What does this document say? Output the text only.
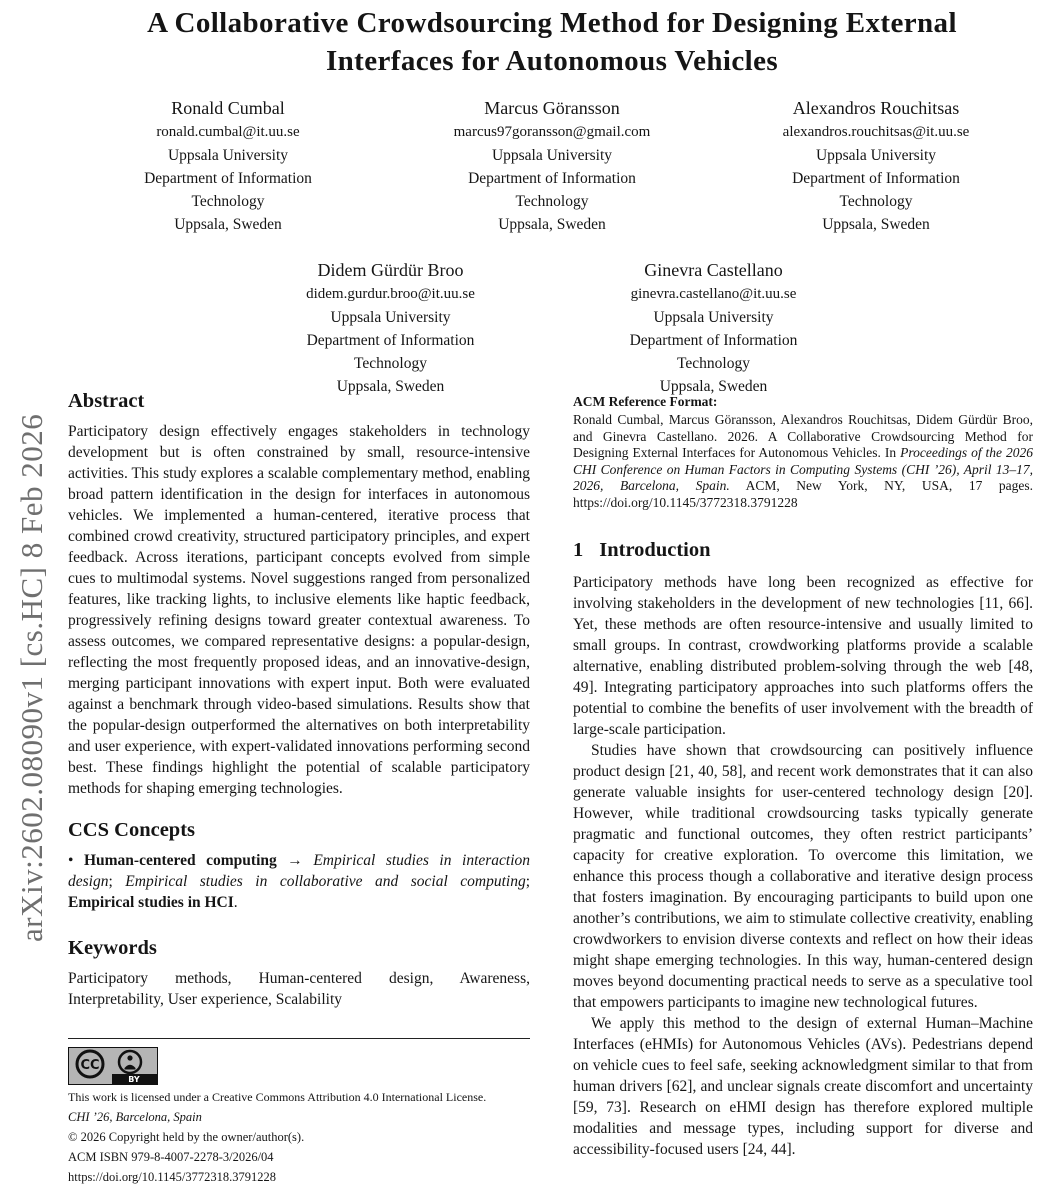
arXiv:2602.08090v1 [cs.HC] 8 Feb 2026
A Collaborative Crowdsourcing Method for Designing External
Interfaces for Autonomous Vehicles
Ronald Cumbal
ronald.cumbal@it.uu.se
Uppsala University
Department of Information Technology
Uppsala, Sweden
Marcus Göransson
marcus97goransson@gmail.com
Uppsala University
Department of Information Technology
Uppsala, Sweden
Alexandros Rouchitsas
alexandros.rouchitsas@it.uu.se
Uppsala University
Department of Information Technology
Uppsala, Sweden
Didem Gürdür Broo
didem.gurdur.broo@it.uu.se
Uppsala University
Department of Information Technology
Uppsala, Sweden
Ginevra Castellano
ginevra.castellano@it.uu.se
Uppsala University
Department of Information Technology
Uppsala, Sweden
Abstract

Participatory design effectively engages stakeholders in technology development but is often constrained by small, resource-intensive activities. This study explores a scalable complementary method, enabling broad pattern identification in the design for interfaces in autonomous vehicles. We implemented a human-centered, iterative process that combined crowd creativity, structured participatory principles, and expert feedback. Across iterations, participant concepts evolved from simple cues to multimodal systems. Novel suggestions ranged from personalized features, like tracking lights, to inclusive elements like haptic feedback, progressively refining designs toward greater contextual awareness. To assess outcomes, we compared representative designs: a popular-design, reflecting the most frequently proposed ideas, and an innovative-design, merging participant innovations with expert input. Both were evaluated against a benchmark through video-based simulations. Results show that the popular-design outperformed the alternatives on both interpretability and user experience, with expert-validated innovations performing second best. These findings highlight the potential of scalable participatory methods for shaping emerging technologies.

CCS Concepts

• Human-centered computing → Empirical studies in interaction design; Empirical studies in collaborative and social computing; Empirical studies in HCI.

Keywords

Participatory methods, Human-centered design, Awareness, Interpretability, User experience, Scalability

CC
BY

This work is licensed under a Creative Commons Attribution 4.0 International License.

CHI ’26, Barcelona, Spain

© 2026 Copyright held by the owner/author(s).

ACM ISBN 979-8-4007-2278-3/2026/04

https://doi.org/10.1145/3772318.3791228

ACM Reference Format:

Ronald Cumbal, Marcus Göransson, Alexandros Rouchitsas, Didem Gürdür Broo, and Ginevra Castellano. 2026. A Collaborative Crowdsourcing Method for Designing External Interfaces for Autonomous Vehicles. In Proceedings of the 2026 CHI Conference on Human Factors in Computing Systems (CHI ’26), April 13–17, 2026, Barcelona, Spain. ACM, New York, NY, USA, 17 pages. https://doi.org/10.1145/3772318.3791228

1 Introduction

Participatory methods have long been recognized as effective for involving stakeholders in the development of new technologies [11, 66]. Yet, these methods are often resource-intensive and usually limited to small groups. In contrast, crowdworking platforms provide a scalable alternative, enabling distributed problem-solving through the web [48, 49]. Integrating participatory approaches into such platforms offers the potential to combine the benefits of user involvement with the breadth of large-scale participation.

Studies have shown that crowdsourcing can positively influence product design [21, 40, 58], and recent work demonstrates that it can also generate valuable insights for user-centered technology design [20]. However, while traditional crowdsourcing tasks typically generate pragmatic and functional outcomes, they often restrict participants’ capacity for creative exploration. To overcome this limitation, we enhance this process though a collaborative and iterative design process that fosters imagination. By encouraging participants to build upon one another’s contributions, we aim to stimulate collective creativity, enabling crowdworkers to envision diverse contexts and reflect on how their ideas might shape emerging technologies. In this way, human-centered design moves beyond documenting practical needs to serve as a speculative tool that empowers participants to imagine new technological futures.

We apply this method to the design of external Human–Machine Interfaces (eHMIs) for Autonomous Vehicles (AVs). Pedestrians depend on vehicle cues to feel safe, seeking acknowledgment similar to that from human drivers [62], and unclear signals create discomfort and uncertainty [59, 73]. Research on eHMI design has therefore explored multiple modalities and message types, including support for diverse and accessibility-focused users [24, 44].
